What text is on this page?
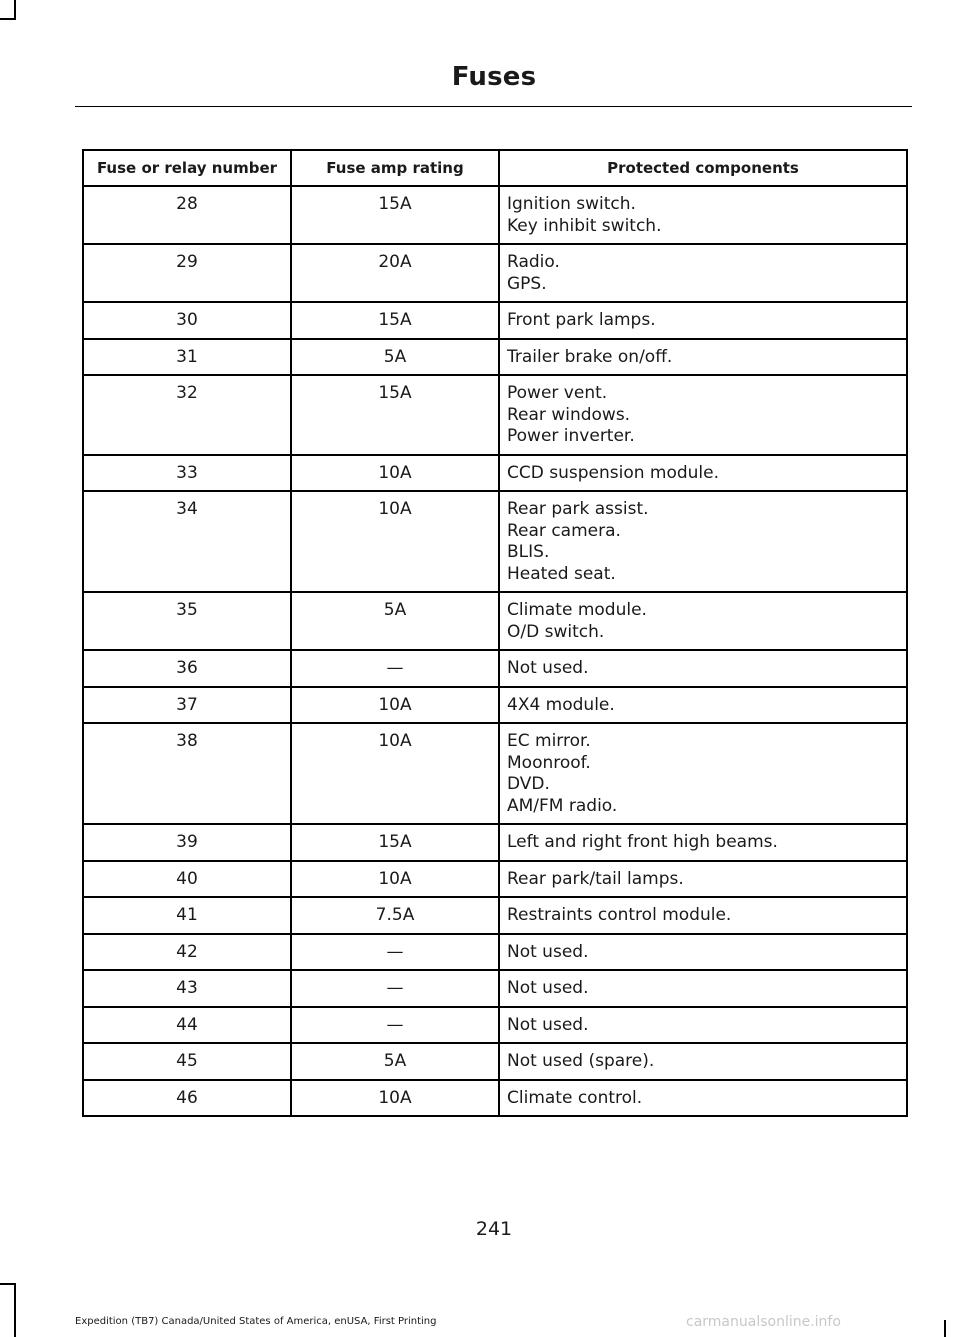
Fuses
Fuse or relay number	Fuse amp rating	Protected components
28	15A	Ignition switch.
Key inhibit switch.

29	20A	Radio.
GPS.

30	15A	Front park lamps.

31	5A	Trailer brake on/off.

32	15A	Power vent.
Rear windows.
Power inverter.

33	10A	CCD suspension module.

34	10A	Rear park assist.
Rear camera.
BLIS.
Heated seat.

35	5A	Climate module.
O/D switch.

36	—	Not used.

37	10A	4X4 module.

38	10A	EC mirror.
Moonroof.
DVD.
AM/FM radio.

39	15A	Left and right front high beams.

40	10A	Rear park/tail lamps.

41	7.5A	Restraints control module.

42	—	Not used.

43	—	Not used.

44	—	Not used.

45	5A	Not used (spare).

46	10A	Climate control.
241
Expedition (TB7) Canada/United States of America, enUSA, First Printing	carmanualsonline.info
